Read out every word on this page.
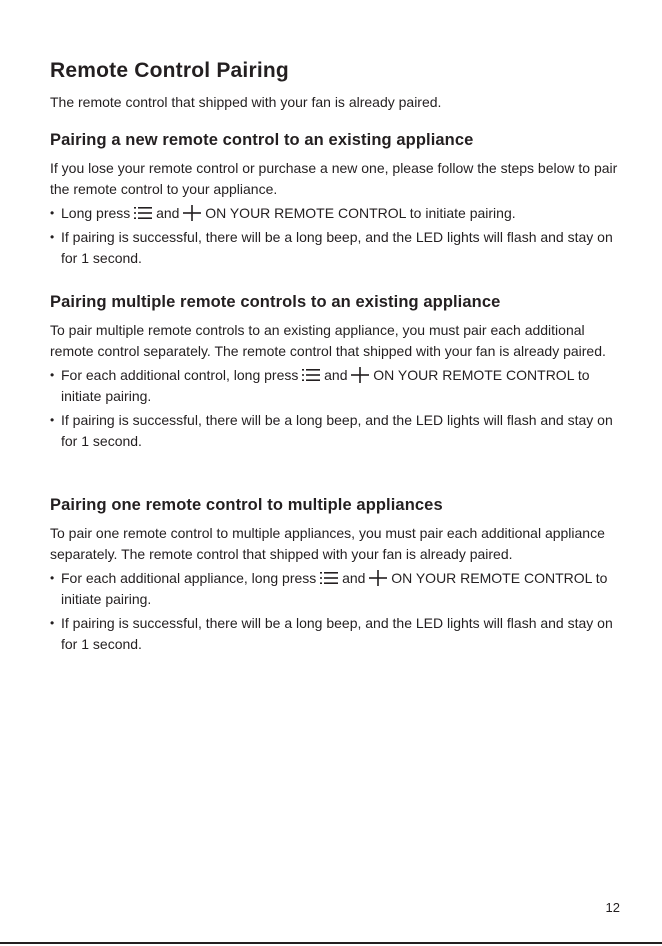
Remote Control Pairing

The remote control that shipped with your fan is already paired.

Pairing a new remote control to an existing appliance

If you lose your remote control or purchase a new one, please follow the steps below to pair the remote control to your appliance.

• Long press and ON YOUR REMOTE CONTROL to initiate pairing.
• If pairing is successful, there will be a long beep, and the LED lights will flash and stay on for 1 second.
Pairing multiple remote controls to an existing appliance

To pair multiple remote controls to an existing appliance, you must pair each additional remote control separately. The remote control that shipped with your fan is already paired.

• For each additional control, long press and ON YOUR REMOTE CONTROL to initiate pairing.
• If pairing is successful, there will be a long beep, and the LED lights will flash and stay on for 1 second.
Pairing one remote control to multiple appliances

To pair one remote control to multiple appliances, you must pair each additional appliance separately. The remote control that shipped with your fan is already paired.

• For each additional appliance, long press and ON YOUR REMOTE CONTROL to initiate pairing.
• If pairing is successful, there will be a long beep, and the LED lights will flash and stay on for 1 second.
12
